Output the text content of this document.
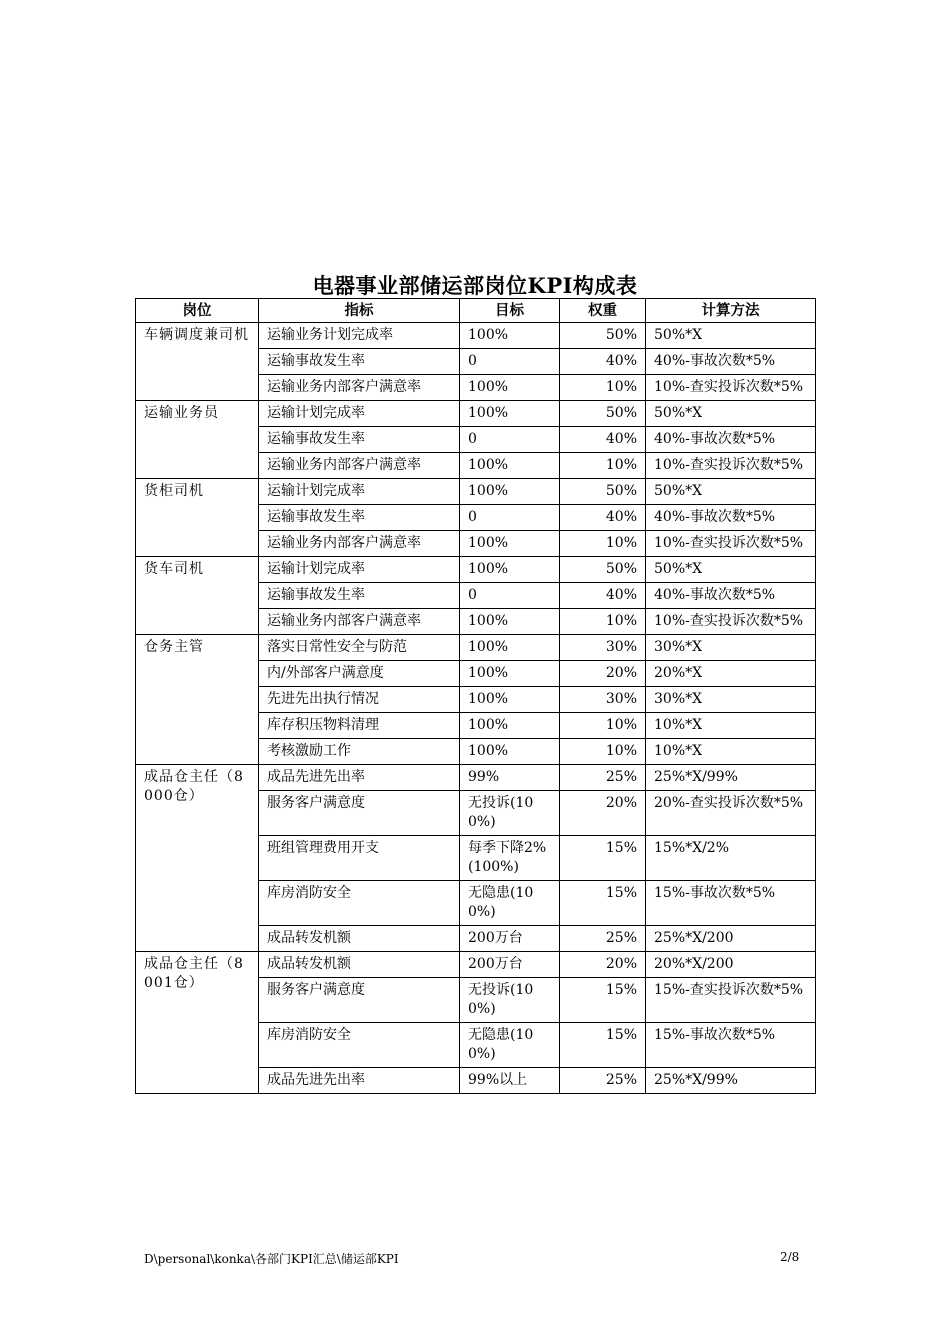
电器事业部储运部岗位KPI构成表
岗位	指标	目标	权重	计算方法
车辆调度兼司机	运输业务计划完成率	100%	50%	50%*X
	运输事故发生率	0	40%	40%-事故次数*5%
	运输业务内部客户满意率	100%	10%	10%-查实投诉次数*5%
运输业务员	运输计划完成率	100%	50%	50%*X
	运输事故发生率	0	40%	40%-事故次数*5%
	运输业务内部客户满意率	100%	10%	10%-查实投诉次数*5%
货柜司机	运输计划完成率	100%	50%	50%*X
	运输事故发生率	0	40%	40%-事故次数*5%
	运输业务内部客户满意率	100%	10%	10%-查实投诉次数*5%
货车司机	运输计划完成率	100%	50%	50%*X
	运输事故发生率	0	40%	40%-事故次数*5%
	运输业务内部客户满意率	100%	10%	10%-查实投诉次数*5%
仓务主管	落实日常性安全与防范	100%	30%	30%*X
	内/外部客户满意度	100%	20%	20%*X
	先进先出执行情况	100%	30%	30%*X
	库存积压物料清理	100%	10%	10%*X
	考核激励工作	100%	10%	10%*X
成品仓主任（8000仓）	成品先进先出率	99%	25%	25%*X/99%
	服务客户满意度	无投诉(100%)	20%	20%-查实投诉次数*5%
	班组管理费用开支	每季下降2%(100%)	15%	15%*X/2%
	库房消防安全	无隐患(100%)	15%	15%-事故次数*5%
	成品转发机额	200万台	25%	25%*X/200
成品仓主任（8001仓）	成品转发机额	200万台	20%	20%*X/200
	服务客户满意度	无投诉(100%)	15%	15%-查实投诉次数*5%
	库房消防安全	无隐患(100%)	15%	15%-事故次数*5%
	成品先进先出率	99%以上	25%	25%*X/99%
D\personal\konka\各部门KPI汇总\储运部KPI	2/8
